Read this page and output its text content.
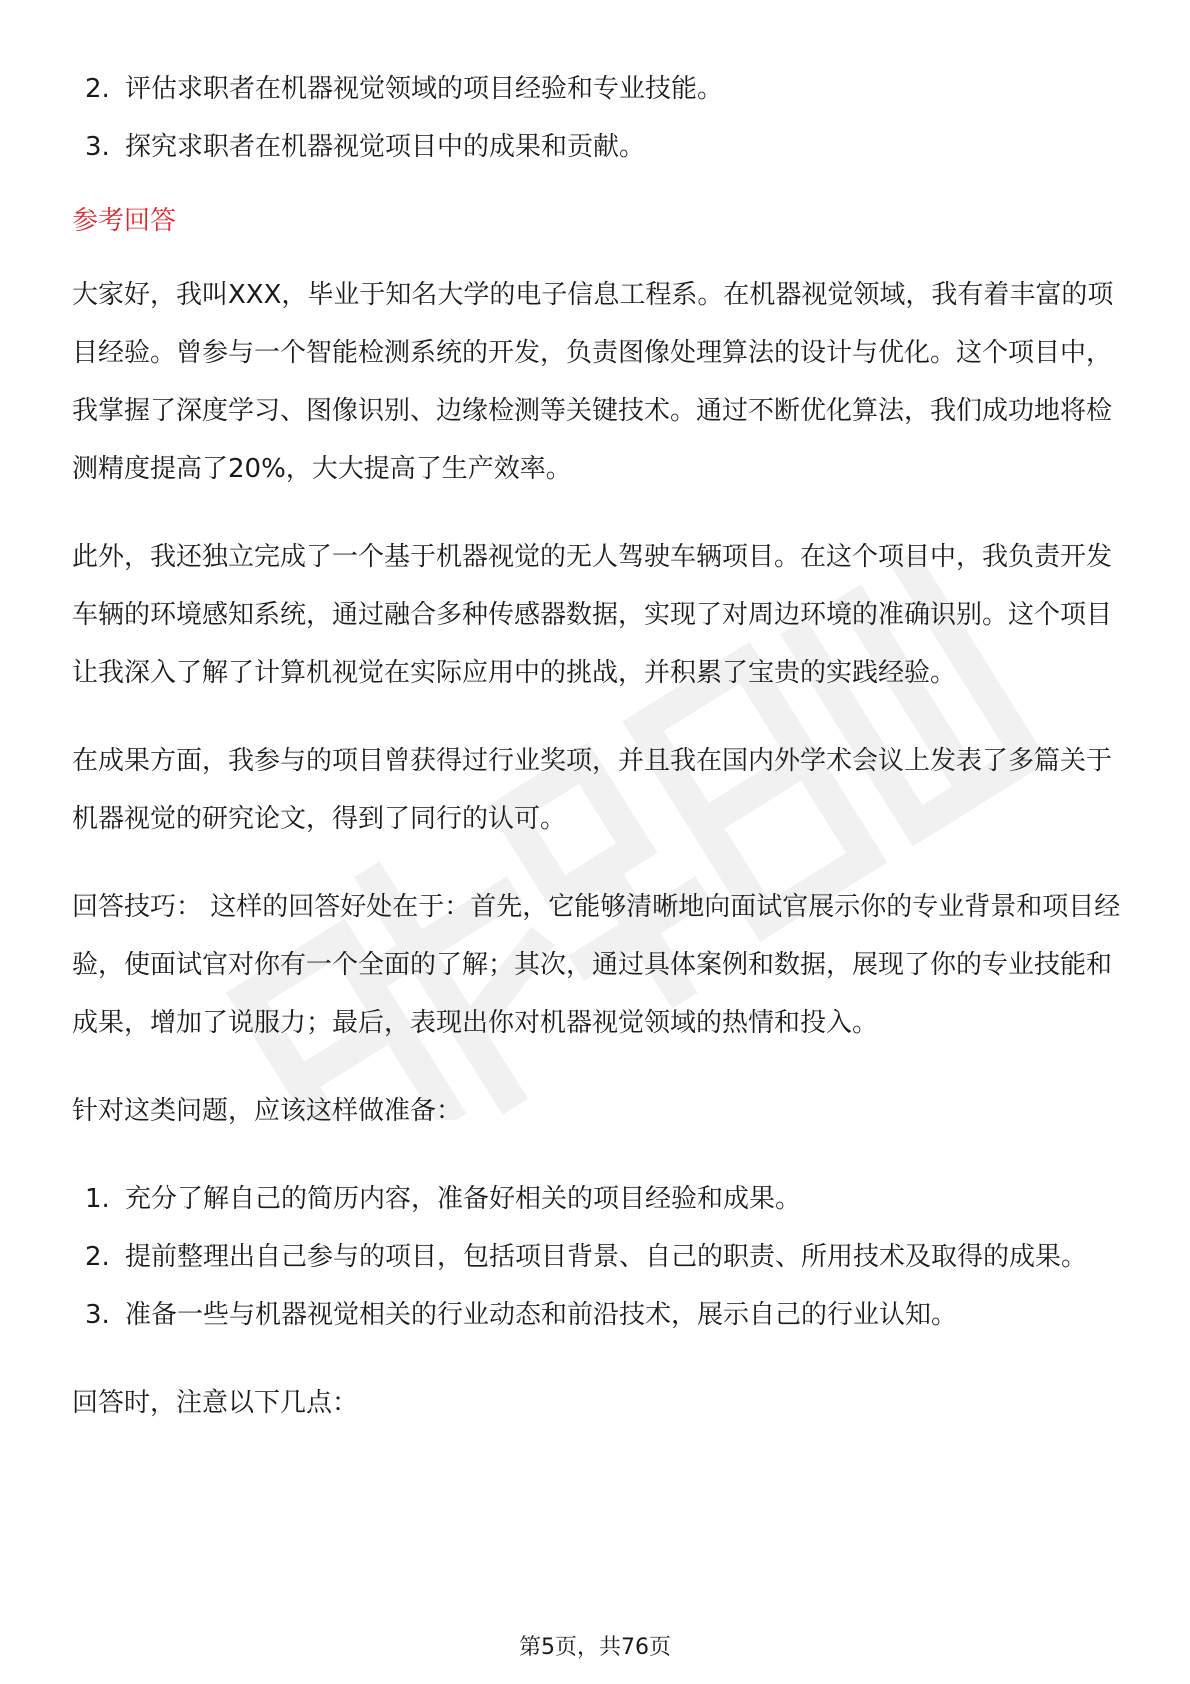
2. 评估求职者在机器视觉领域的项目经验和专业技能。
3. 探究求职者在机器视觉项目中的成果和贡献。
参考回答

大家好，我叫XXX，毕业于知名大学的电子信息工程系。在机器视觉领域，我有着丰富的项目经验。曾参与一个智能检测系统的开发，负责图像处理算法的设计与优化。这个项目中，我掌握了深度学习、图像识别、边缘检测等关键技术。通过不断优化算法，我们成功地将检测精度提高了20%，大大提高了生产效率。

此外，我还独立完成了一个基于机器视觉的无人驾驶车辆项目。在这个项目中，我负责开发车辆的环境感知系统，通过融合多种传感器数据，实现了对周边环境的准确识别。这个项目让我深入了解了计算机视觉在实际应用中的挑战，并积累了宝贵的实践经验。

在成果方面，我参与的项目曾获得过行业奖项，并且我在国内外学术会议上发表了多篇关于机器视觉的研究论文，得到了同行的认可。

回答技巧： 这样的回答好处在于：首先，它能够清晰地向面试官展示你的专业背景和项目经验，使面试官对你有一个全面的了解；其次，通过具体案例和数据，展现了你的专业技能和成果，增加了说服力；最后，表现出你对机器视觉领域的热情和投入。

针对这类问题，应该这样做准备：

1. 充分了解自己的简历内容，准备好相关的项目经验和成果。
2. 提前整理出自己参与的项目，包括项目背景、自己的职责、所用技术及取得的成果。
3. 准备一些与机器视觉相关的行业动态和前沿技术，展示自己的行业认知。

回答时，注意以下几点：

第5页，共76页
